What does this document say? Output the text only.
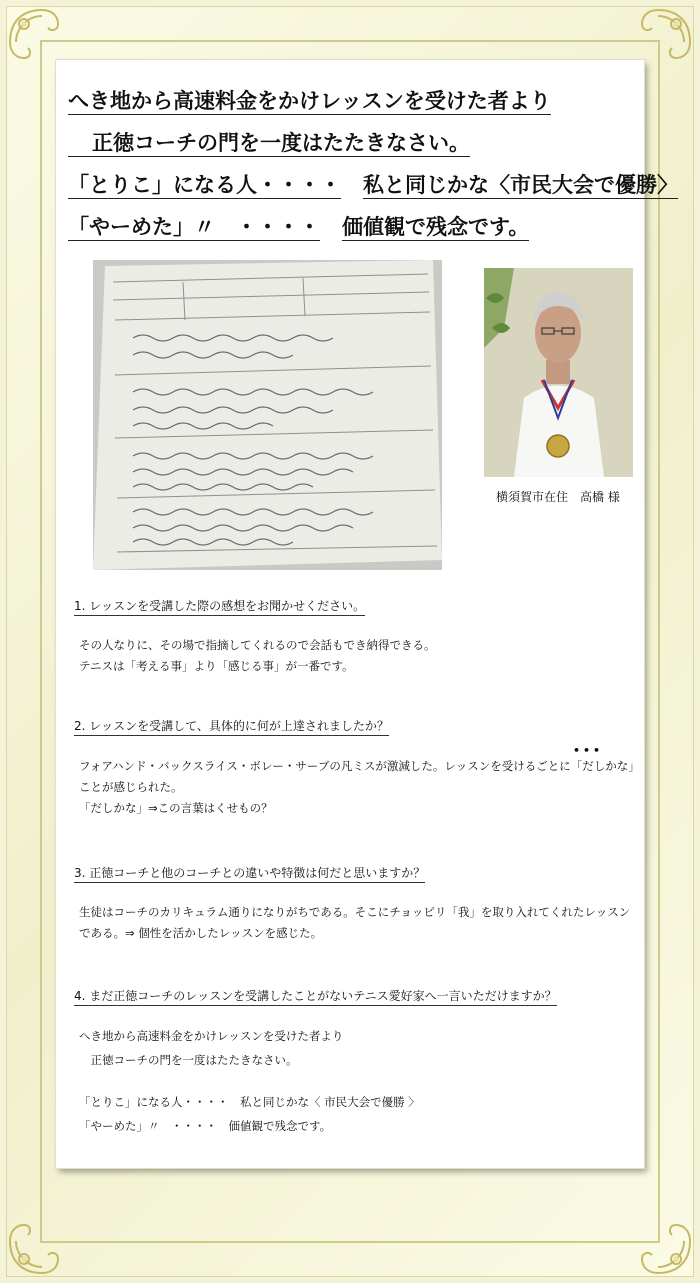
へき地から高速料金をかけレッスンを受けた者より
正徳コーチの門を一度はたたきなさい。
「とりこ」になる人・・・・ 私と同じかな〈市民大会で優勝〉
「やーめた」〃　・・・・ 価値観で残念です。
横須賀市在住　高橋 様
1. レッスンを受講した際の感想をお聞かせください。
その人なりに、その場で指摘してくれるので会話もでき納得できる。
テニスは「考える事」より「感じる事」が一番です。
2. レッスンを受講して、具体的に何が上達されましたか？
•••
フォアハンド・バックスライス・ボレー・サーブの凡ミスが激減した。レッスンを受けるごとに「だしかな」
ことが感じられた。
「だしかな」⇒この言葉はくせもの？
3. 正徳コーチと他のコーチとの違いや特徴は何だと思いますか？
生徒はコーチのカリキュラム通りになりがちである。そこにチョッピリ「我」を取り入れてくれたレッスン
である。⇒ 個性を活かしたレッスンを感じた。
4. まだ正徳コーチのレッスンを受講したことがないテニス愛好家へ一言いただけますか？
へき地から高速料金をかけレッスンを受けた者より
　正徳コーチの門を一度はたたきなさい。
「とりこ」になる人・・・・　私と同じかな〈 市民大会で優勝 〉
「やーめた」〃　・・・・　価値観で残念です。
